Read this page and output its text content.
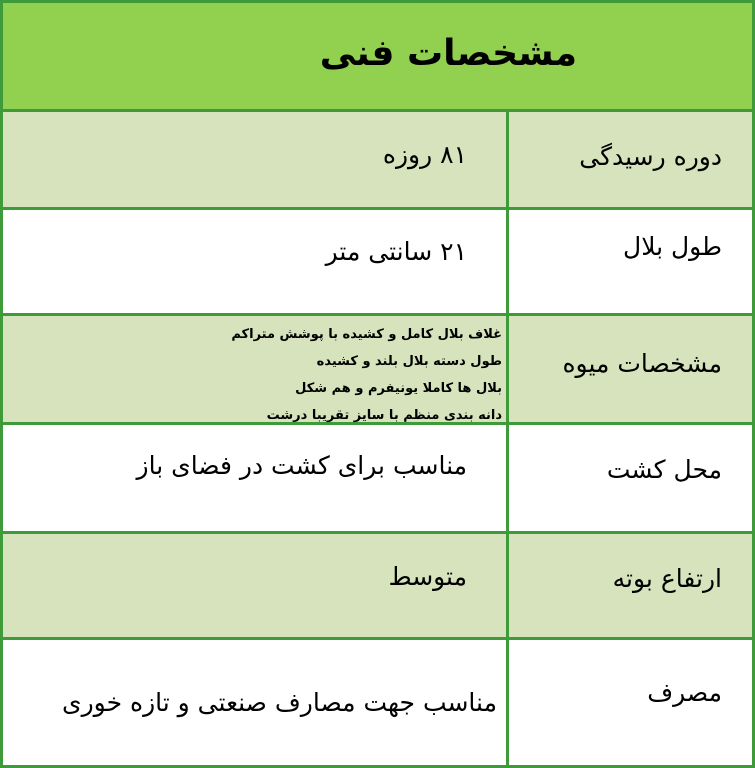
مشخصات فنی
دوره رسیدگی
۸۱ روزه
طول بلال
۲۱ سانتی متر
مشخصات میوه
غلاف بلال کامل و کشیده با پوشش متراکم
طول دسته بلال بلند و کشیده
بلال ها کاملا یونیفرم و هم شکل
دانه بندی منظم با سایز تقریبا درشت
محل کشت
مناسب برای کشت در فضای باز
ارتفاع بوته
متوسط
مصرف
مناسب جهت مصارف صنعتی و تازه خوری
